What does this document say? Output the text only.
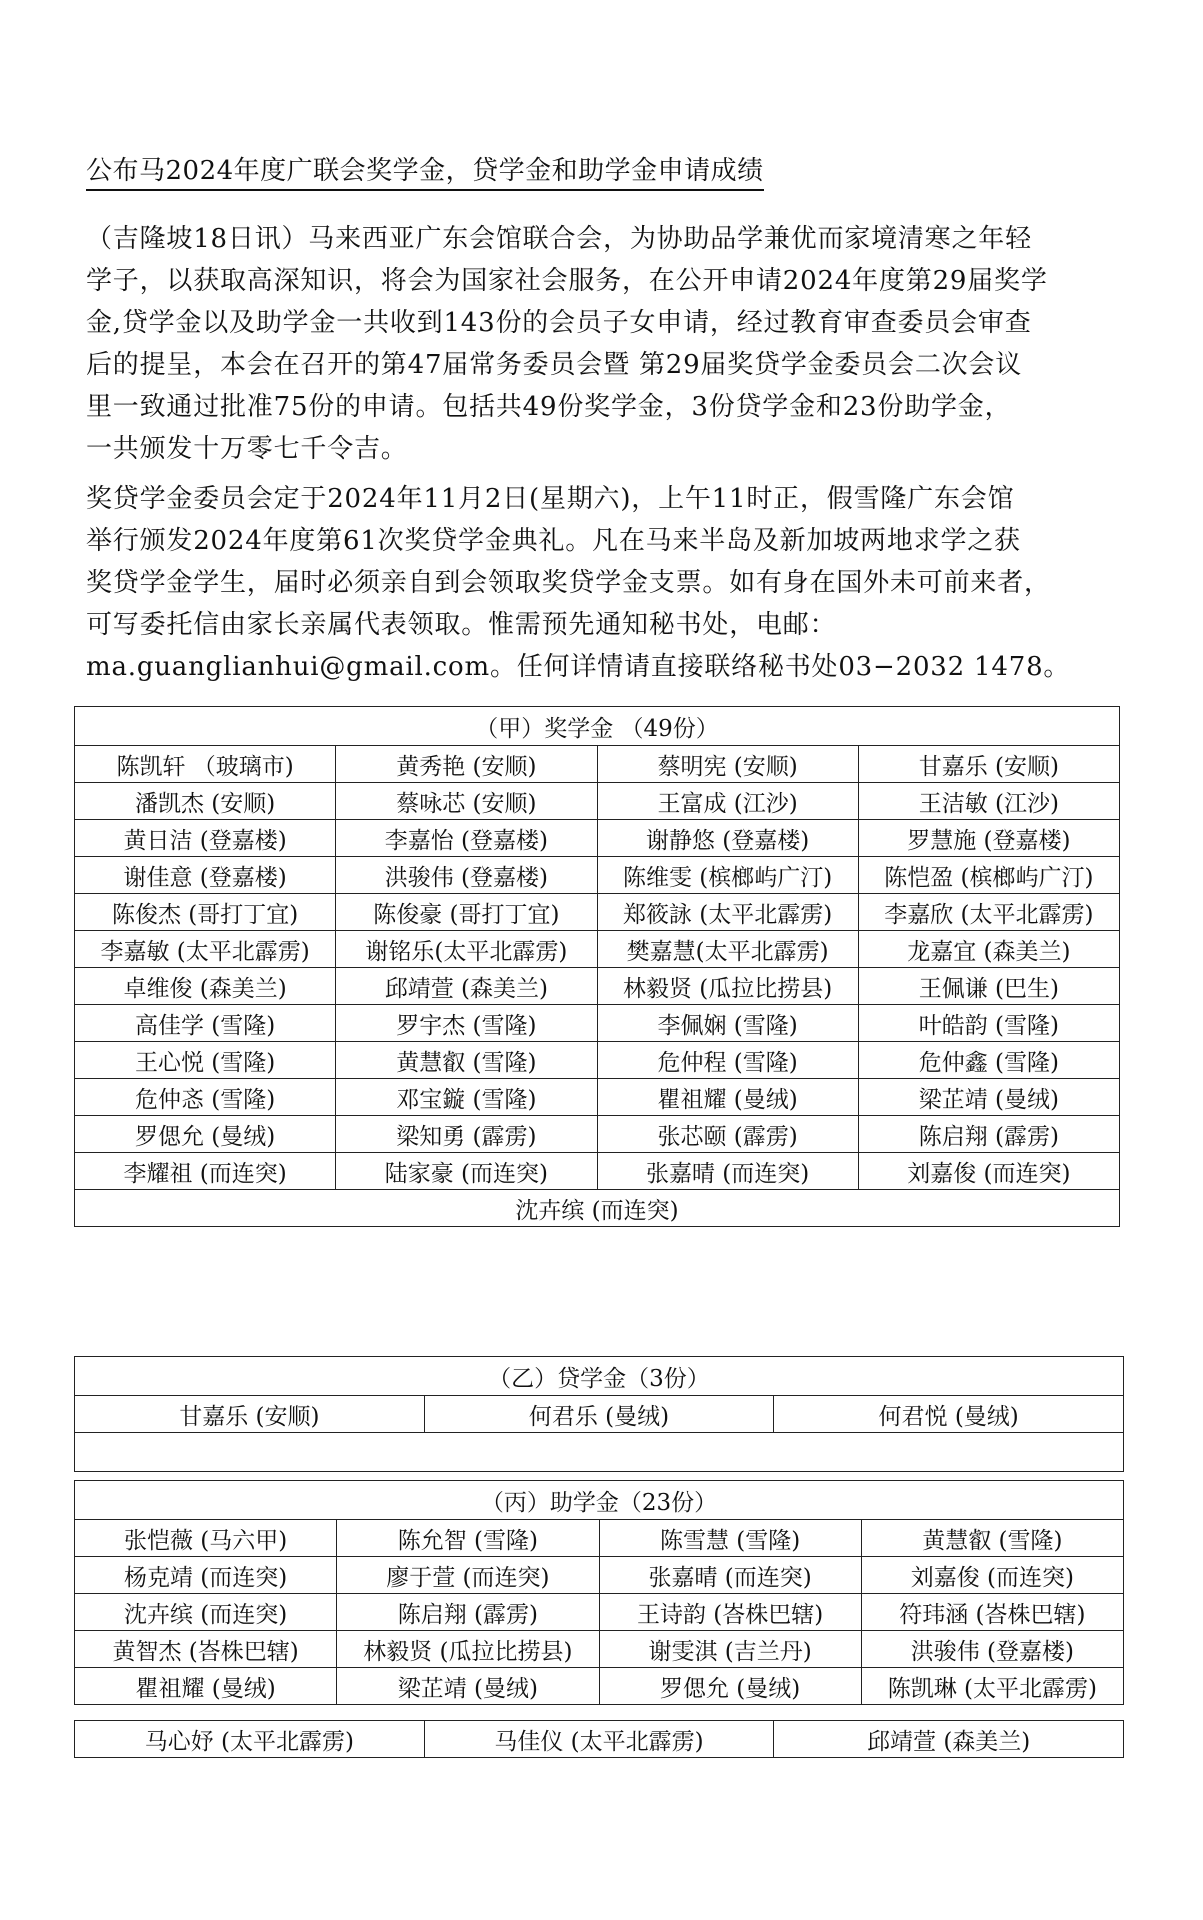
公布马2024年度广联会奖学金，贷学金和助学金申请成绩
（吉隆坡18日讯）马来西亚广东会馆联合会，为协助品学兼优而家境清寒之年轻
学子，以获取高深知识，将会为国家社会服务，在公开申请2024年度第29届奖学
金,贷学金以及助学金一共收到143份的会员子女申请，经过教育审查委员会审查
后的提呈，本会在召开的第47届常务委员会暨 第29届奖贷学金委员会二次会议
里一致通过批准75份的申请。包括共49份奖学金，3份贷学金和23份助学金，
一共颁发十万零七千令吉。
奖贷学金委员会定于2024年11月2日(星期六)，上午11时正，假雪隆广东会馆
举行颁发2024年度第61次奖贷学金典礼。凡在马来半岛及新加坡两地求学之获
奖贷学金学生，届时必须亲自到会领取奖贷学金支票。如有身在国外未可前来者，
可写委托信由家长亲属代表领取。惟需预先通知秘书处，电邮：
ma.guanglianhui@gmail.com。任何详情请直接联络秘书处03−2032 1478。
（甲）奖学金 （49份）			
陈凯轩 （玻璃市)	黄秀艳 (安顺)	蔡明宪 (安顺)	甘嘉乐 (安顺)
潘凯杰 (安顺)	蔡咏芯 (安顺)	王富成 (江沙)	王洁敏 (江沙)
黄日洁 (登嘉楼)	李嘉怡 (登嘉楼)	谢静悠 (登嘉楼)	罗慧施 (登嘉楼)
谢佳意 (登嘉楼)	洪骏伟 (登嘉楼)	陈维雯 (槟榔屿广汀)	陈恺盈 (槟榔屿广汀)
陈俊杰 (哥打丁宜)	陈俊豪 (哥打丁宜)	郑筱詠 (太平北霹雳)	李嘉欣 (太平北霹雳)
李嘉敏 (太平北霹雳)	谢铭乐(太平北霹雳)	樊嘉慧(太平北霹雳)	龙嘉宜 (森美兰)
卓维俊 (森美兰)	邱靖萱 (森美兰)	林毅贤 (瓜拉比捞县)	王佩谦 (巴生)
高佳学 (雪隆)	罗宇杰 (雪隆)	李佩娴 (雪隆)	叶皓韵 (雪隆)
王心悦 (雪隆)	黄慧叡 (雪隆)	危仲程 (雪隆)	危仲鑫 (雪隆)
危仲忞 (雪隆)	邓宝鏇 (雪隆)	瞿祖耀 (曼绒)	梁芷靖 (曼绒)
罗偲允 (曼绒)	梁知勇 (霹雳)	张芯颐 (霹雳)	陈启翔 (霹雳)
李耀祖 (而连突)	陆家豪 (而连突)	张嘉晴 (而连突)	刘嘉俊 (而连突)
沈卉缤 (而连突)			
（乙）贷学金（3份）
甘嘉乐 (安顺)	何君乐 (曼绒)	何君悦 (曼绒)

（丙）助学金（23份）			
张恺薇 (马六甲)	陈允智 (雪隆)	陈雪慧 (雪隆)	黄慧叡 (雪隆)
杨克靖 (而连突)	廖于萱 (而连突)	张嘉晴 (而连突)	刘嘉俊 (而连突)
沈卉缤 (而连突)	陈启翔 (霹雳)	王诗韵 (峇株巴辖)	符玮涵 (峇株巴辖)
黄智杰 (峇株巴辖)	林毅贤 (瓜拉比捞县)	谢雯淇 (吉兰丹)	洪骏伟 (登嘉楼)
瞿祖耀 (曼绒)	梁芷靖 (曼绒)	罗偲允 (曼绒)	陈凯琳 (太平北霹雳)
马心妤 (太平北霹雳)	马佳仪 (太平北霹雳)	邱靖萱 (森美兰)
